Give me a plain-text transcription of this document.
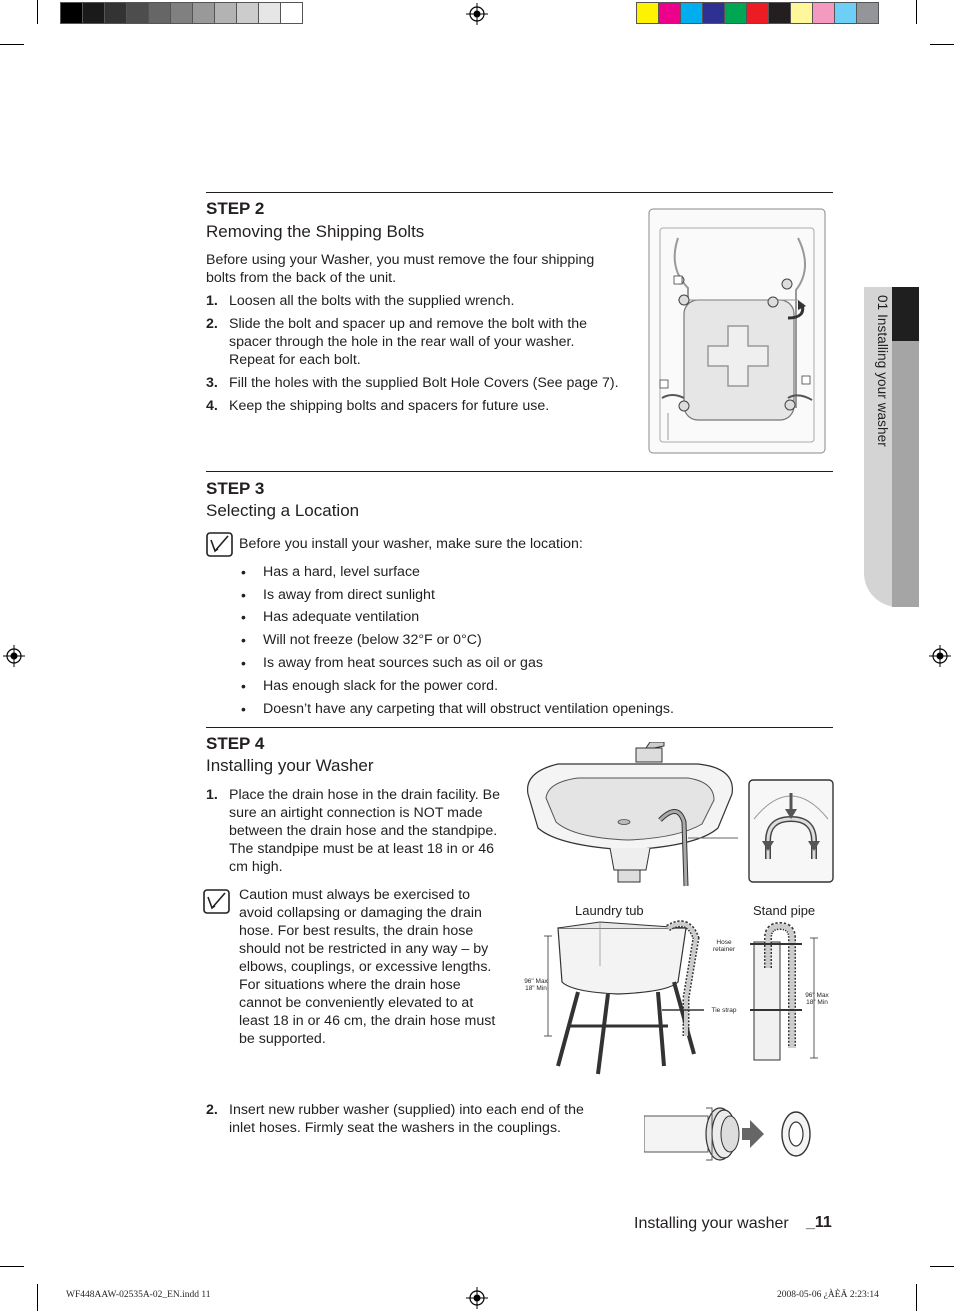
01 Installing your washer
STEP 2
Removing the Shipping Bolts
Before using your Washer, you must remove the four shipping
bolts from the back of the unit.
1. Loosen all the bolts with the supplied wrench.
2. Slide the bolt and spacer up and remove the bolt with the
spacer through the hole in the rear wall of your washer.
Repeat for each bolt.
3. Fill the holes with the supplied Bolt Hole Covers (See page 7).
4. Keep the shipping bolts and spacers for future use.
STEP 3
Selecting a Location
Before you install your washer, make sure the location:
• Has a hard, level surface
• Is away from direct sunlight
• Has adequate ventilation
• Will not freeze (below 32°F or 0°C)
• Is away from heat sources such as oil or gas
• Has enough slack for the power cord.
• Doesn’t have any carpeting that will obstruct ventilation openings.
STEP 4
Installing your Washer
1. Place the drain hose in the drain facility. Be
sure an airtight connection is NOT made
between the drain hose and the standpipe.
The standpipe must be at least 18 in or 46
cm high.
Caution must always be exercised to
avoid collapsing or damaging the drain
hose. For best results, the drain hose
should not be restricted in any way – by
elbows, couplings, or excessive lengths.
For situations where the drain hose
cannot be conveniently elevated to at
least 18 in or 46 cm, the drain hose must
be supported.
Laundry tub	Stand pipe
96" Max
18" Min
96" Max
18" Min
Hose
retainer
Tie strap
2. Insert new rubber washer (supplied) into each end of the
inlet hoses. Firmly seat the washers in the couplings.
Installing your washer _11
WF448AAW-02535A-02_EN.indd 11	2008-05-06 ¿ÀÈÄ 2:23:14
